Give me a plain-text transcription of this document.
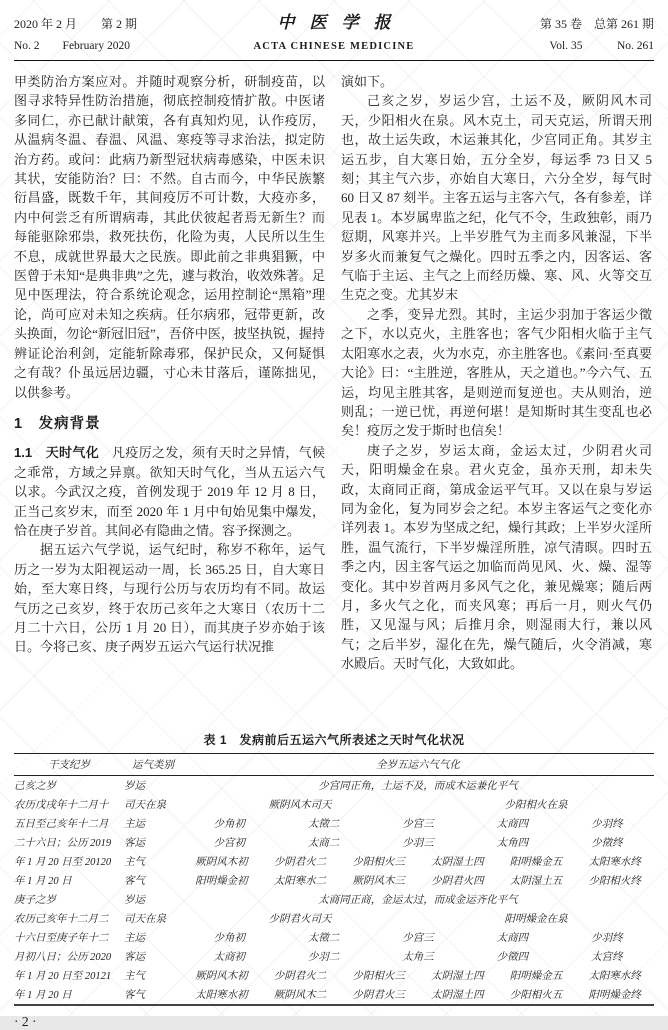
2020 年 2 月　　第 2 期	中医学报	第 35 卷　总第 261 期
No. 2　　February 2020	ACTA CHINESE MEDICINE	Vol. 35　　　No. 261

甲类防治方案应对。并随时观察分析，研制疫苗，以图寻求特异性防治措施，彻底控制疫情扩散。中医诸多同仁，亦已献计献策，各有真知灼见，认作疫厉，从温病冬温、春温、风温、寒疫等寻求治法，拟定防治方药。或问：此病乃新型冠状病毒感染，中医未识其状，安能防治？曰：不然。自古而今，中华民族繁衍昌盛，既数千年，其间疫厉不可计数，大疫亦多，内中何尝乏有所谓病毒，其此伏彼起者焉无新生？而每能驱除邪祟，救死扶伤，化险为夷，人民所以生生不息，成就世界最大之民族。即此前之非典猖獗，中医曾于未知“是典非典”之先，遽与救治，收效殊著。足见中医理法，符合系统论观念，运用控制论“黑箱”理论，尚可应对未知之疾病。任尔病邪，冠带更新，改头换面，勿论“新冠旧冠”，吾侪中医，披坚执锐，握持辨证论治利剑，定能斩除毒邪，保护民众，又何疑惧之有哉？仆虽远居边疆，寸心未甘落后，谨陈拙见，以供参考。

1　发病背景

1.1　天时气化 凡疫厉之发，须有天时之异情，气候之乖常，方域之异禀。欲知天时气化，当从五运六气以求。今武汉之疫，首例发现于 2019 年 12 月 8 日，正当己亥岁末，而至 2020 年 1 月中旬始见集中爆发，恰在庚子岁首。其间必有隐曲之情。容予探测之。

据五运六气学说，运气纪时，称岁不称年，运气历之一岁为太阳视运动一周，长 365.25 日，自大寒日始，至大寒日终，与现行公历与农历均有不同。故运气历之己亥岁，终于农历己亥年之大寒日（农历十二月二十六日，公历 1 月 20 日），而其庚子岁亦始于该日。今将己亥、庚子两岁五运六气运行状况推

演如下。

己亥之岁，岁运少宫，土运不及，厥阴风木司天，少阳相火在泉。风木克土，司天克运，所谓天刑也，故土运失政，木运兼其化，少宫同正角。其岁主运五步，自大寒日始，五分全岁，每运季 73 日又 5 刻；其主气六步，亦始自大寒日，六分全岁，每气时 60 日又 87 刻半。主客五运与主客六气，各有参差，详见表 1。本岁属卑监之纪，化气不令，生政独彰，雨乃愆期，风寒并兴。上半岁胜气为主而多风兼湿，下半岁多火而兼复气之燥化。四时五季之内，因客运、客气临于主运、主气之上而经历燥、寒、风、火等交互生克之变。尤其岁末

之季，变异尤烈。其时，主运少羽加于客运少徵之下，水以克火，主胜客也；客气少阳相火临于主气太阳寒水之表，火为水克，亦主胜客也。《素问·至真要大论》曰：“主胜逆，客胜从，天之道也。”今六气、五运，均见主胜其客，是则逆而复逆也。夫从则治，逆则乱；一逆已忧，再逆何堪！是知斯时其生变乱也必矣！疫厉之发于斯时也信矣！

庚子之岁，岁运太商，金运太过，少阴君火司天，阳明燥金在泉。君火克金，虽亦天刑，却未失政，太商同正商，第成金运平气耳。又以在泉与岁运同为金化，复为同岁会之纪。本岁主客运气之变化亦详列表 1。本岁为坚成之纪，燥行其政；上半岁火淫所胜，温气流行，下半岁燥淫所胜，凉气清暝。四时五季之内，因主客气运之加临而尚见风、火、燥、湿等变化。其中岁首两月多风气之化，兼见燥寒；随后两月，多火气之化，而夹风寒；再后一月，则火气仍胜，又见湿与风；后推月余，则湿雨大行，兼以风气；之后半岁，湿化在先，燥气随后，火令消减，寒水殿后。天时气化，大致如此。

表 1　发病前后五运六气所表述之天时气化状况
干支纪岁	运气类别	全岁五运六气气化
己亥之岁	岁运	少宫同正角，土运不及，而成木运兼化平气
农历戊戌年十二月十	司天在泉	厥阴风木司天	少阳相火在泉
五日至己亥年十二月	主运	少角初	太徵二	少宫三	太商四	少羽终
二十六日；公历 2019	客运	少宫初	太商二	少羽三	太角四	少徵终
年 1 月 20 日至 20120	主气	厥阴风木初	少阴君火二	少阳相火三	太阴湿土四	阳明燥金五	太阳寒水终
年 1 月 20 日	客气	阳明燥金初	太阳寒水二	厥阴风木三	少阴君火四	太阴湿土五	少阳相火终
庚子之岁	岁运	太商同正商，金运太过，而成金运齐化平气
农历己亥年十二月二	司天在泉	少阴君火司天	阳明燥金在泉
十六日至庚子年十二	主运	少角初	太徵二	少宫三	太商四	少羽终
月初八日；公历 2020	客运	太商初	少羽二	太角三	少徵四	太宫终
年 1 月 20 日至 20121	主气	厥阴风木初	少阴君火二	少阳相火三	太阴湿土四	阳明燥金五	太阳寒水终
年 1 月 20 日	客气	太阳寒水初	厥阴风木二	少阴君火三	太阴湿土四	少阳相火五	阳明燥金终
· 2 ·
